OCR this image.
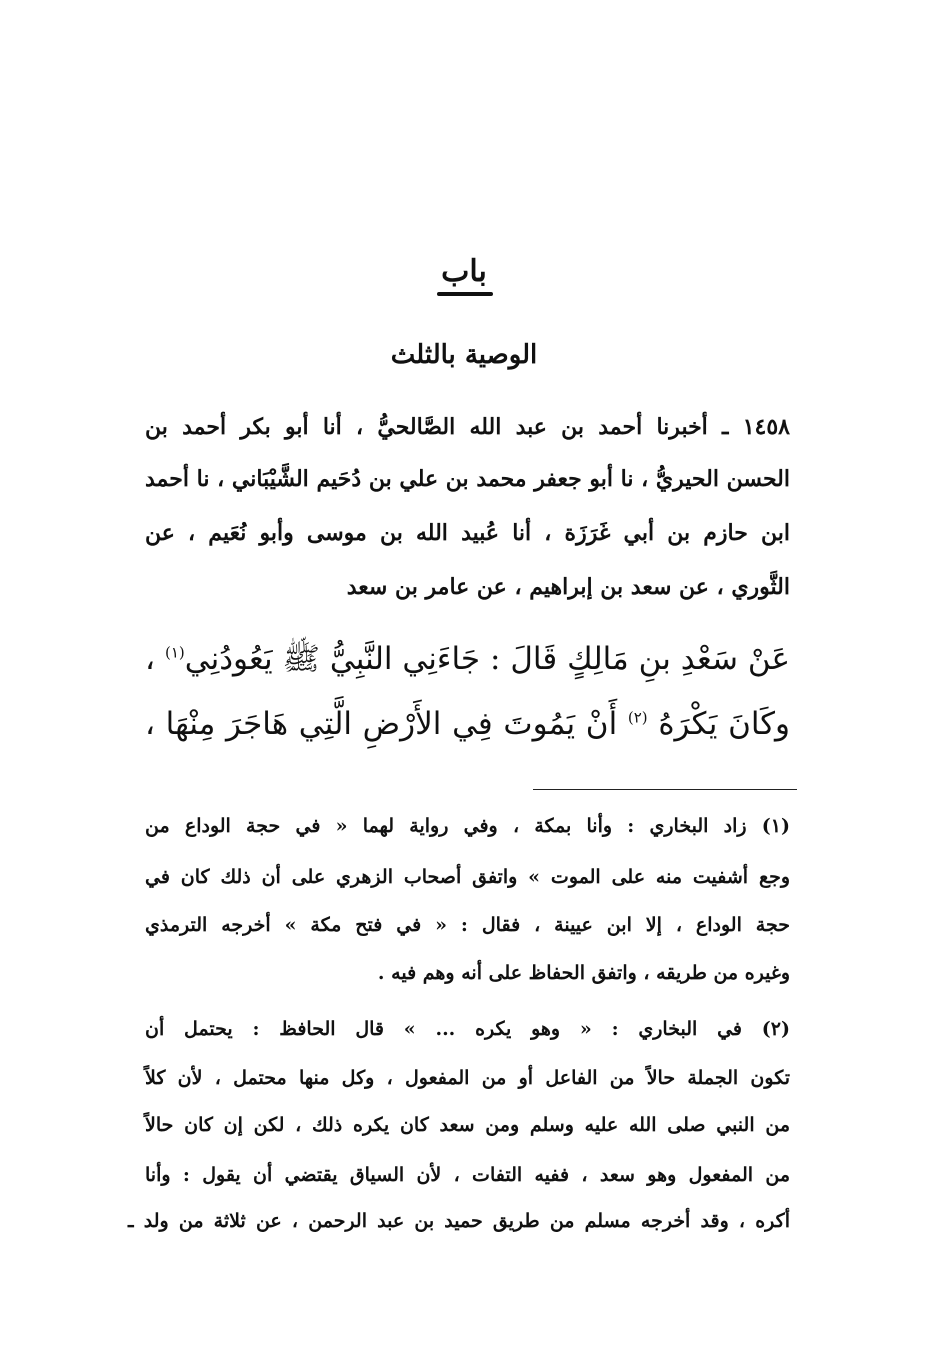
باب
الوصية بالثلث
١٤٥٨ ـ أخبرنا أحمد بن عبد الله الصَّالحيُّ ، أنا أبو بكر أحمد بن
الحسن الحيريُّ ، نا أبو جعفر محمد بن علي بن دُحَيم الشَّيْبَاني ، نا أحمد
ابن حازم بن أبي غَرَزَة ، أنا عُبيد الله بن موسى وأبو نُعَيم ، عن
الثَّوري ، عن سعد بن إبراهيم ، عن عامر بن سعد
عَنْ سَعْدِ بنِ مَالِكٍ قَالَ : جَاءَنِي النَّبِيُّ ﷺ يَعُودُنِي$^{(١)}$ ،
وكَانَ يَكْرَهُ $^{(٢)}$ أَنْ يَمُوتَ فِي الأَرْضِ الَّتِي هَاجَرَ مِنْهَا ،
(١) زاد البخاري : وأنا بمكة ، وفي رواية لهما « في حجة الوداع من
وجع أشفيت منه على الموت » واتفق أصحاب الزهري على أن ذلك كان في
حجة الوداع ، إلا ابن عيينة ، فقال : « في فتح مكة » أخرجه الترمذي
وغيره من طريقه ، واتفق الحفاظ على أنه وهم فيه .
(٢) في البخاري : « وهو يكره ... » قال الحافظ : يحتمل أن
تكون الجملة حالاً من الفاعل أو من المفعول ، وكل منها محتمل ، لأن كلاً
من النبي صلى الله عليه وسلم ومن سعد كان يكره ذلك ، لكن إن كان حالاً
من المفعول وهو سعد ، ففيه التفات ، لأن السياق يقتضي أن يقول : وأنا
أكره ، وقد أخرجه مسلم من طريق حميد بن عبد الرحمن ، عن ثلاثة من ولد ـ
